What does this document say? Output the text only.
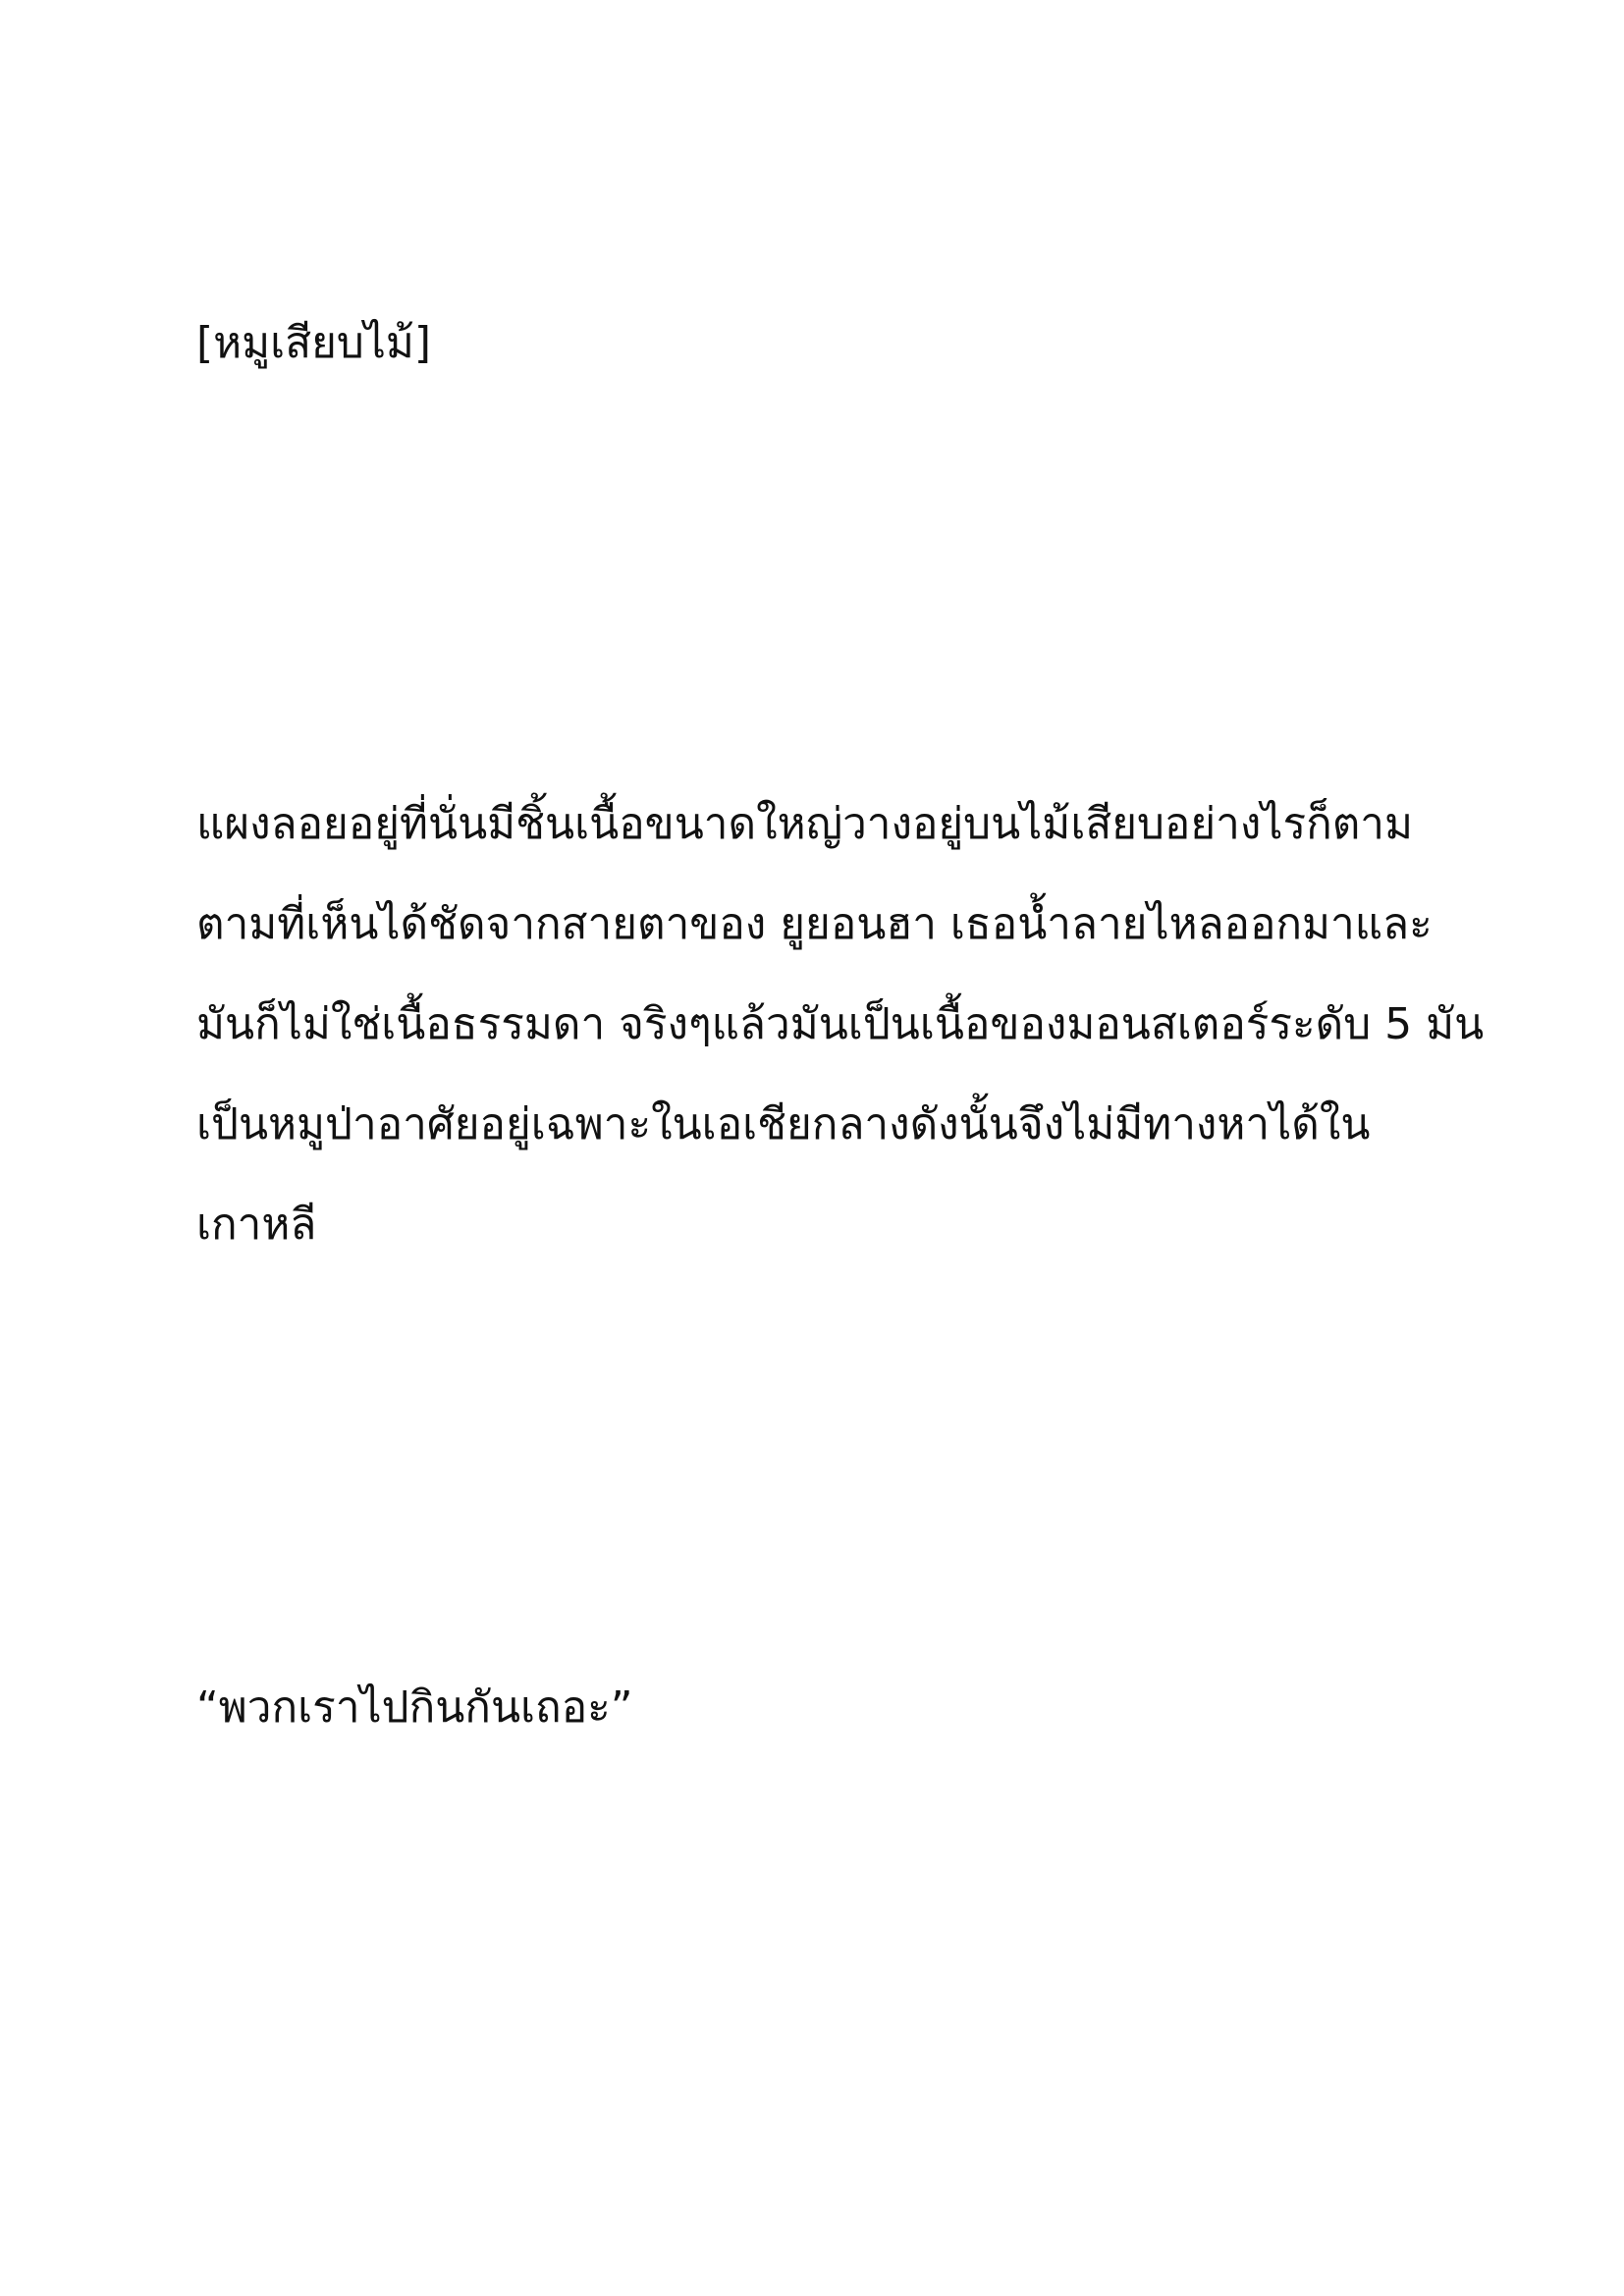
[หมูเสียบไม้]

แผงลอยอยู่ที่นั่นมีชิ้นเนื้อขนาดใหญ่วางอยู่บนไม้เสียบอย่างไรก็ตาม

ตามที่เห็นได้ชัดจากสายตาของ ยูยอนฮา เธอน้ำลายไหลออกมาและ

มันก็ไม่ใช่เนื้อธรรมดา จริงๆแล้วมันเป็นเนื้อของมอนสเตอร์ระดับ 5 มัน

เป็นหมูป่าอาศัยอยู่เฉพาะในเอเชียกลางดังนั้นจึงไม่มีทางหาได้ใน

เกาหลี

“พวกเราไปกินกันเถอะ”
